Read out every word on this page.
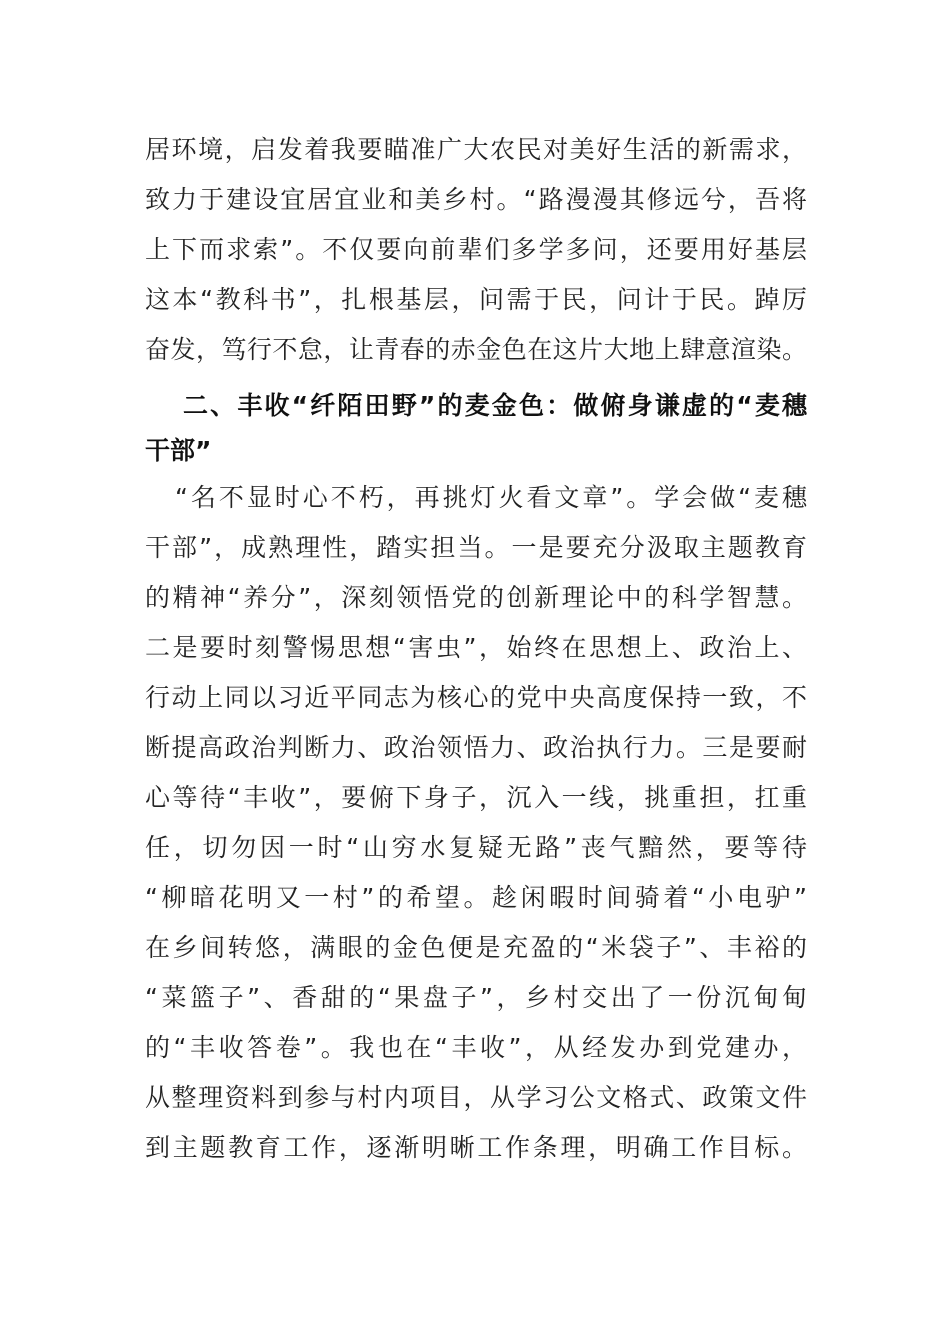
居环境，启发着我要瞄准广大农民对美好生活的新需求，
致力于建设宜居宜业和美乡村。“路漫漫其修远兮，吾将
上下而求索”。不仅要向前辈们多学多问，还要用好基层
这本“教科书”，扎根基层，问需于民，问计于民。踔厉
奋发，笃行不怠，让青春的赤金色在这片大地上肆意渲染。
二、丰收“纤陌田野”的麦金色：做俯身谦虚的“麦穗
干部”
“名不显时心不朽，再挑灯火看文章”。学会做“麦穗
干部”，成熟理性，踏实担当。一是要充分汲取主题教育
的精神“养分”，深刻领悟党的创新理论中的科学智慧。
二是要时刻警惕思想“害虫”，始终在思想上、政治上、
行动上同以习近平同志为核心的党中央高度保持一致，不
断提高政治判断力、政治领悟力、政治执行力。三是要耐
心等待“丰收”，要俯下身子，沉入一线，挑重担，扛重
任，切勿因一时“山穷水复疑无路”丧气黯然，要等待
“柳暗花明又一村”的希望。趁闲暇时间骑着“小电驴”
在乡间转悠，满眼的金色便是充盈的“米袋子”、丰裕的
“菜篮子”、香甜的“果盘子”，乡村交出了一份沉甸甸
的“丰收答卷”。我也在“丰收”，从经发办到党建办，
从整理资料到参与村内项目，从学习公文格式、政策文件
到主题教育工作，逐渐明晰工作条理，明确工作目标。
